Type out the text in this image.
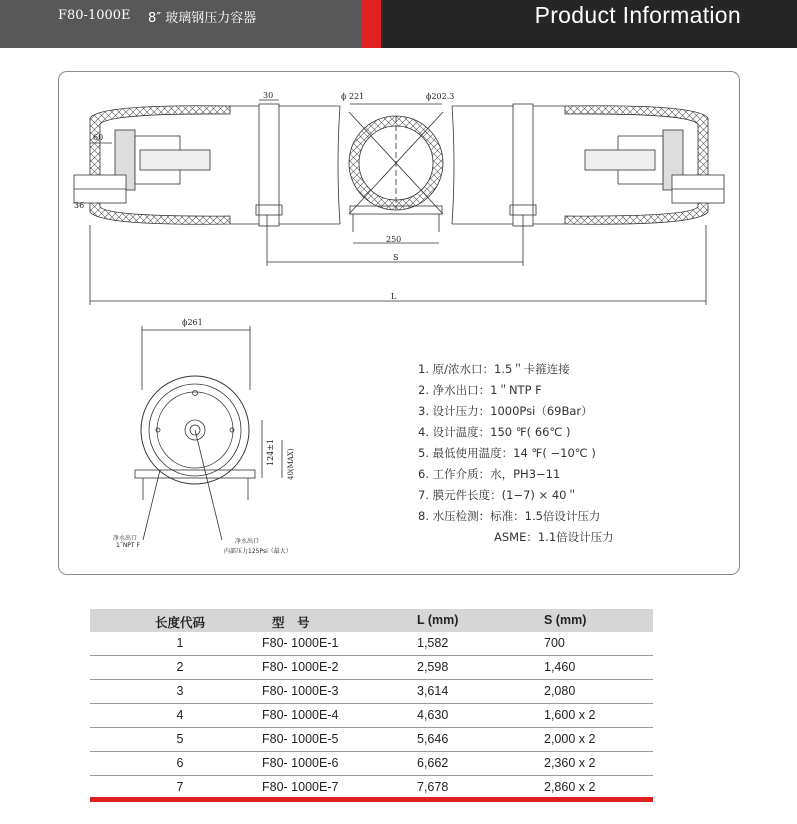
F80-1000E 8″ 玻璃钢压力容器	Product Information
30	ϕ 221	ϕ202.3
60
36
250
S
L
ϕ261
124±1 40(MAX)
净水出口
1˝NPT F
净水出口
内部压力125Psi（最大）
1. 原/浓水口：1.5＂卡箍连接
2. 净水出口：1＂NTP F
3. 设计压力：1000Psi（69Bar）
4. 设计温度：150 ℉( 66℃ )
5. 最低使用温度：14 ℉( −10℃ )
6. 工作介质：水，PH3−11
7. 膜元件长度：(1−7) × 40＂
8. 水压检测：标准：1.5倍设计压力
ASME：1.1倍设计压力
长度代码	型　号	L (mm)	S (mm)
1	F80- 1000E-1	1,582	700
2	F80- 1000E-2	2,598	1,460
3	F80- 1000E-3	3,614	2,080
4	F80- 1000E-4	4,630	1,600 x 2
5	F80- 1000E-5	5,646	2,000 x 2
6	F80- 1000E-6	6,662	2,360 x 2
7	F80- 1000E-7	7,678	2,860 x 2
